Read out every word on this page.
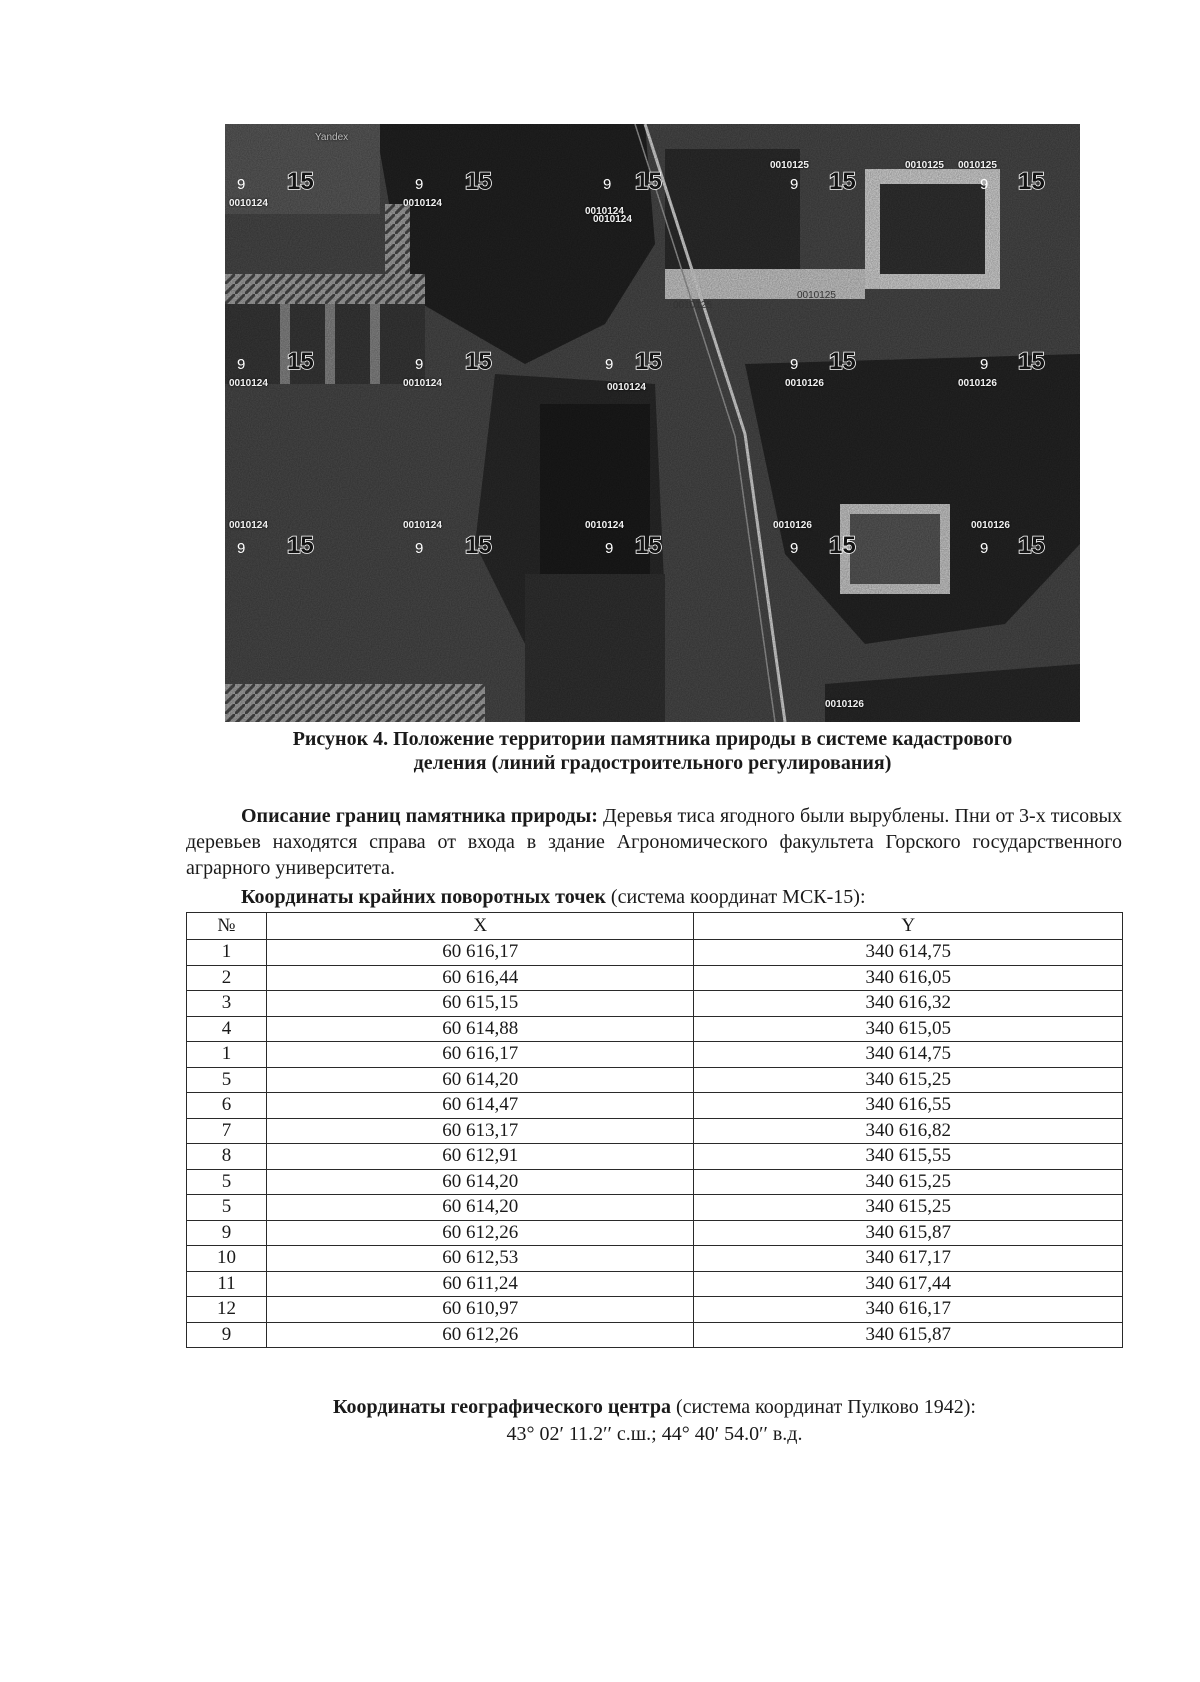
Yandex
9 15
0010124
9 15
0010124
9 15
0010124
9 15
0010125
9 15
0010125
9 15
0010124
9 15
0010124
9 15
0010124
9 15
0010126
9 15
0010126
9 15
0010124
9 15
0010124
9 15
0010124
9 15
0010126
9 15
0010126
0010124
0010125
0010125
0010125
0010126
Рисунок 4. Положение территории памятника природы в системе кадастрового
деления (линий градостроительного регулирования)
Описание границ памятника природы: Деревья тиса ягодного были вырублены. Пни от 3-х тисовых деревьев находятся справа от входа в здание Агрономического факультета Горского государственного аграрного университета.
Координаты крайних поворотных точек (система координат МСК-15):
№	X	Y
1	60 616,17	340 614,75
2	60 616,44	340 616,05
3	60 615,15	340 616,32
4	60 614,88	340 615,05
1	60 616,17	340 614,75
5	60 614,20	340 615,25
6	60 614,47	340 616,55
7	60 613,17	340 616,82
8	60 612,91	340 615,55
5	60 614,20	340 615,25
5	60 614,20	340 615,25
9	60 612,26	340 615,87
10	60 612,53	340 617,17
11	60 611,24	340 617,44
12	60 610,97	340 616,17
9	60 612,26	340 615,87
Координаты географического центра (система координат Пулково 1942):
43° 02′ 11.2′′ с.ш.; 44° 40′ 54.0′′ в.д.
